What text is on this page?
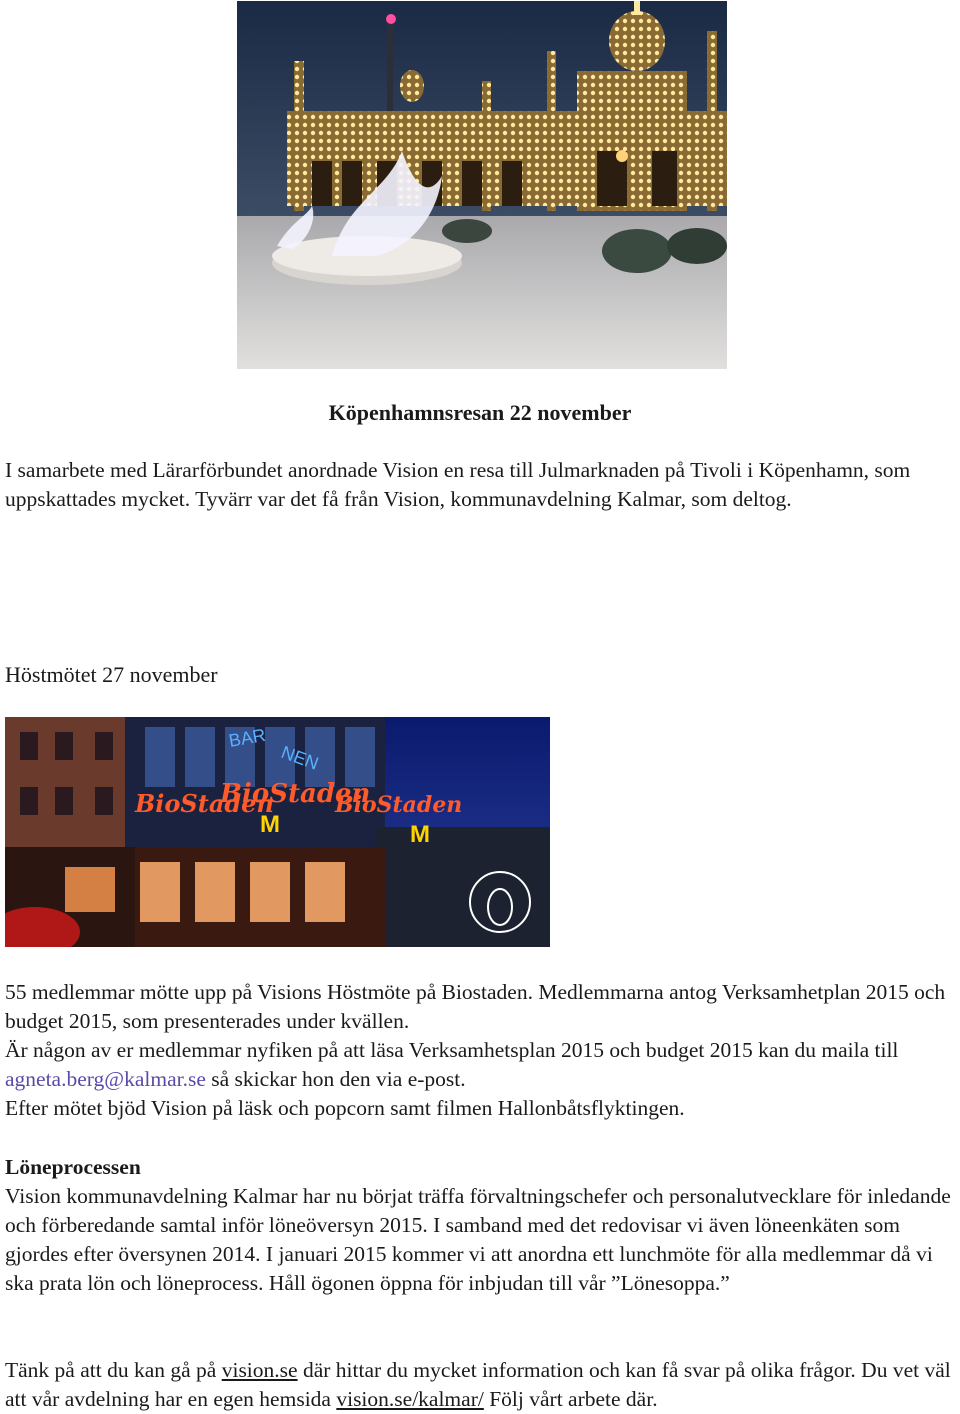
Köpenhamnsresan 22 november

I samarbete med Lärarförbundet anordnade Vision en resa till Julmarknaden på Tivoli i Köpenhamn, som uppskattades mycket. Tyvärr var det få från Vision, kommunavdelning Kalmar, som deltog.

Höstmötet 27 november
BAR
NEN
BioStaden
BioStaden
BioStaden
M	M

55 medlemmar mötte upp på Visions Höstmöte på Biostaden. Medlemmarna antog Verksamhetplan 2015 och budget 2015, som presenterades under kvällen.

Är någon av er medlemmar nyfiken på att läsa Verksamhetsplan 2015 och budget 2015 kan du maila till agneta.berg@kalmar.se så skickar hon den via e-post.

Efter mötet bjöd Vision på läsk och popcorn samt filmen Hallonbåtsflyktingen.

Löneprocessen

Vision kommunavdelning Kalmar har nu börjat träffa förvaltningschefer och personalutvecklare för inledande och förberedande samtal inför löneöversyn 2015. I samband med det redovisar vi även löneenkäten som gjordes efter översynen 2014. I januari 2015 kommer vi att anordna ett lunchmöte för alla medlemmar då vi ska prata lön och löneprocess. Håll ögonen öppna för inbjudan till vår ”Lönesoppa.”

Tänk på att du kan gå på vision.se där hittar du mycket information och kan få svar på olika frågor. Du vet väl att vår avdelning har en egen hemsida vision.se/kalmar/ Följ vårt arbete där.
